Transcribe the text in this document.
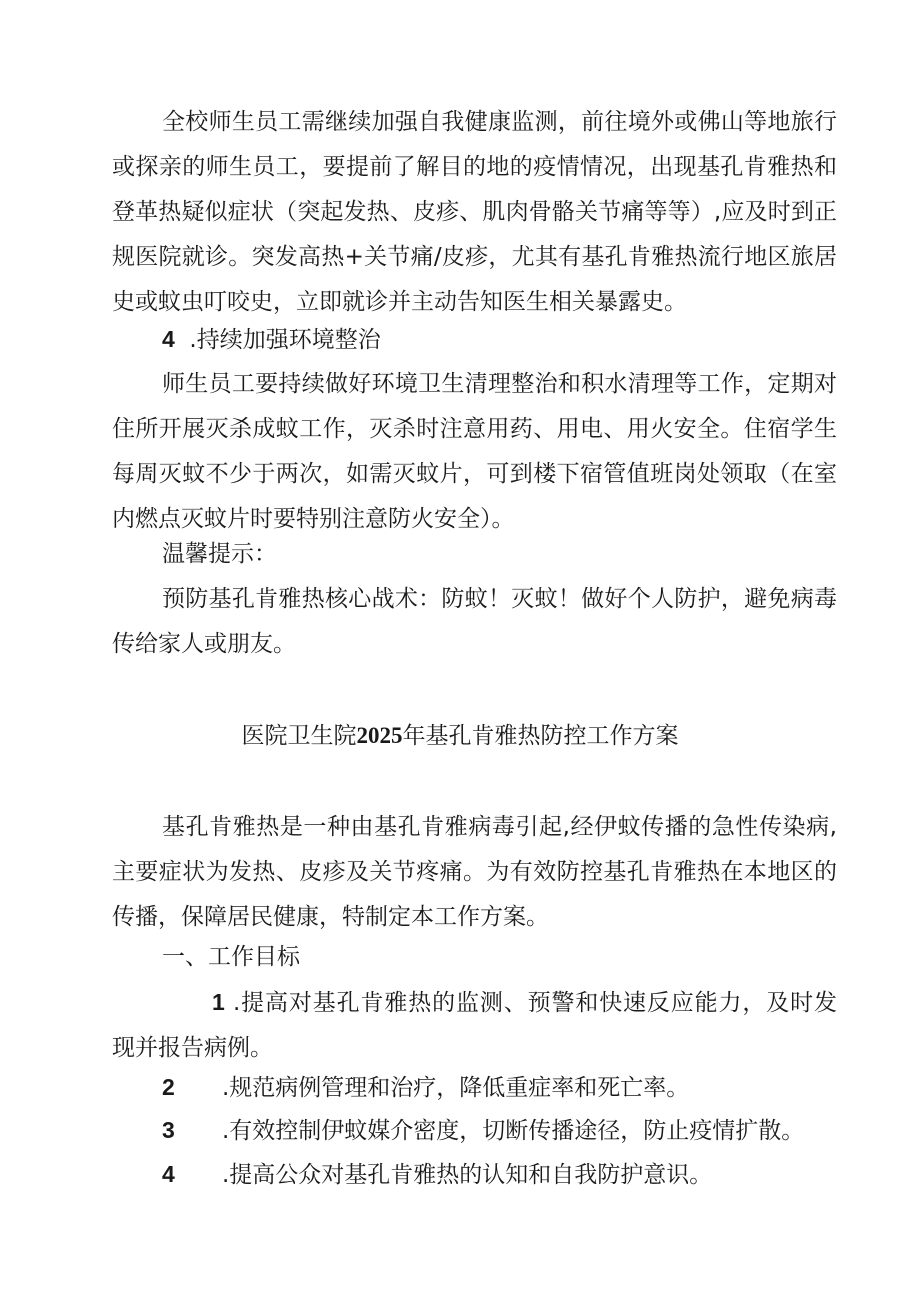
全校师生员工需继续加强自我健康监测，前往境外或佛山等地旅行或探亲的师生员工，要提前了解目的地的疫情情况，出现基孔肯雅热和登革热疑似症状（突起发热、皮疹、肌肉骨骼关节痛等等）,应及时到正规医院就诊。突发高热+关节痛/皮疹，尤其有基孔肯雅热流行地区旅居史或蚊虫叮咬史，立即就诊并主动告知医生相关暴露史。

4 .持续加强环境整治

师生员工要持续做好环境卫生清理整治和积水清理等工作，定期对住所开展灭杀成蚊工作，灭杀时注意用药、用电、用火安全。住宿学生每周灭蚊不少于两次，如需灭蚊片，可到楼下宿管值班岗处领取（在室内燃点灭蚊片时要特别注意防火安全）。

温馨提示：

预防基孔肯雅热核心战术：防蚊！灭蚊！做好个人防护，避免病毒传给家人或朋友。

医院卫生院2025年基孔肯雅热防控工作方案

基孔肯雅热是一种由基孔肯雅病毒引起,经伊蚊传播的急性传染病,主要症状为发热、皮疹及关节疼痛。为有效防控基孔肯雅热在本地区的传播，保障居民健康，特制定本工作方案。

一、工作目标

1 .提高对基孔肯雅热的监测、预警和快速反应能力，及时发现并报告病例。

2 .规范病例管理和治疗，降低重症率和死亡率。

3 .有效控制伊蚊媒介密度，切断传播途径，防止疫情扩散。

4 .提高公众对基孔肯雅热的认知和自我防护意识。
